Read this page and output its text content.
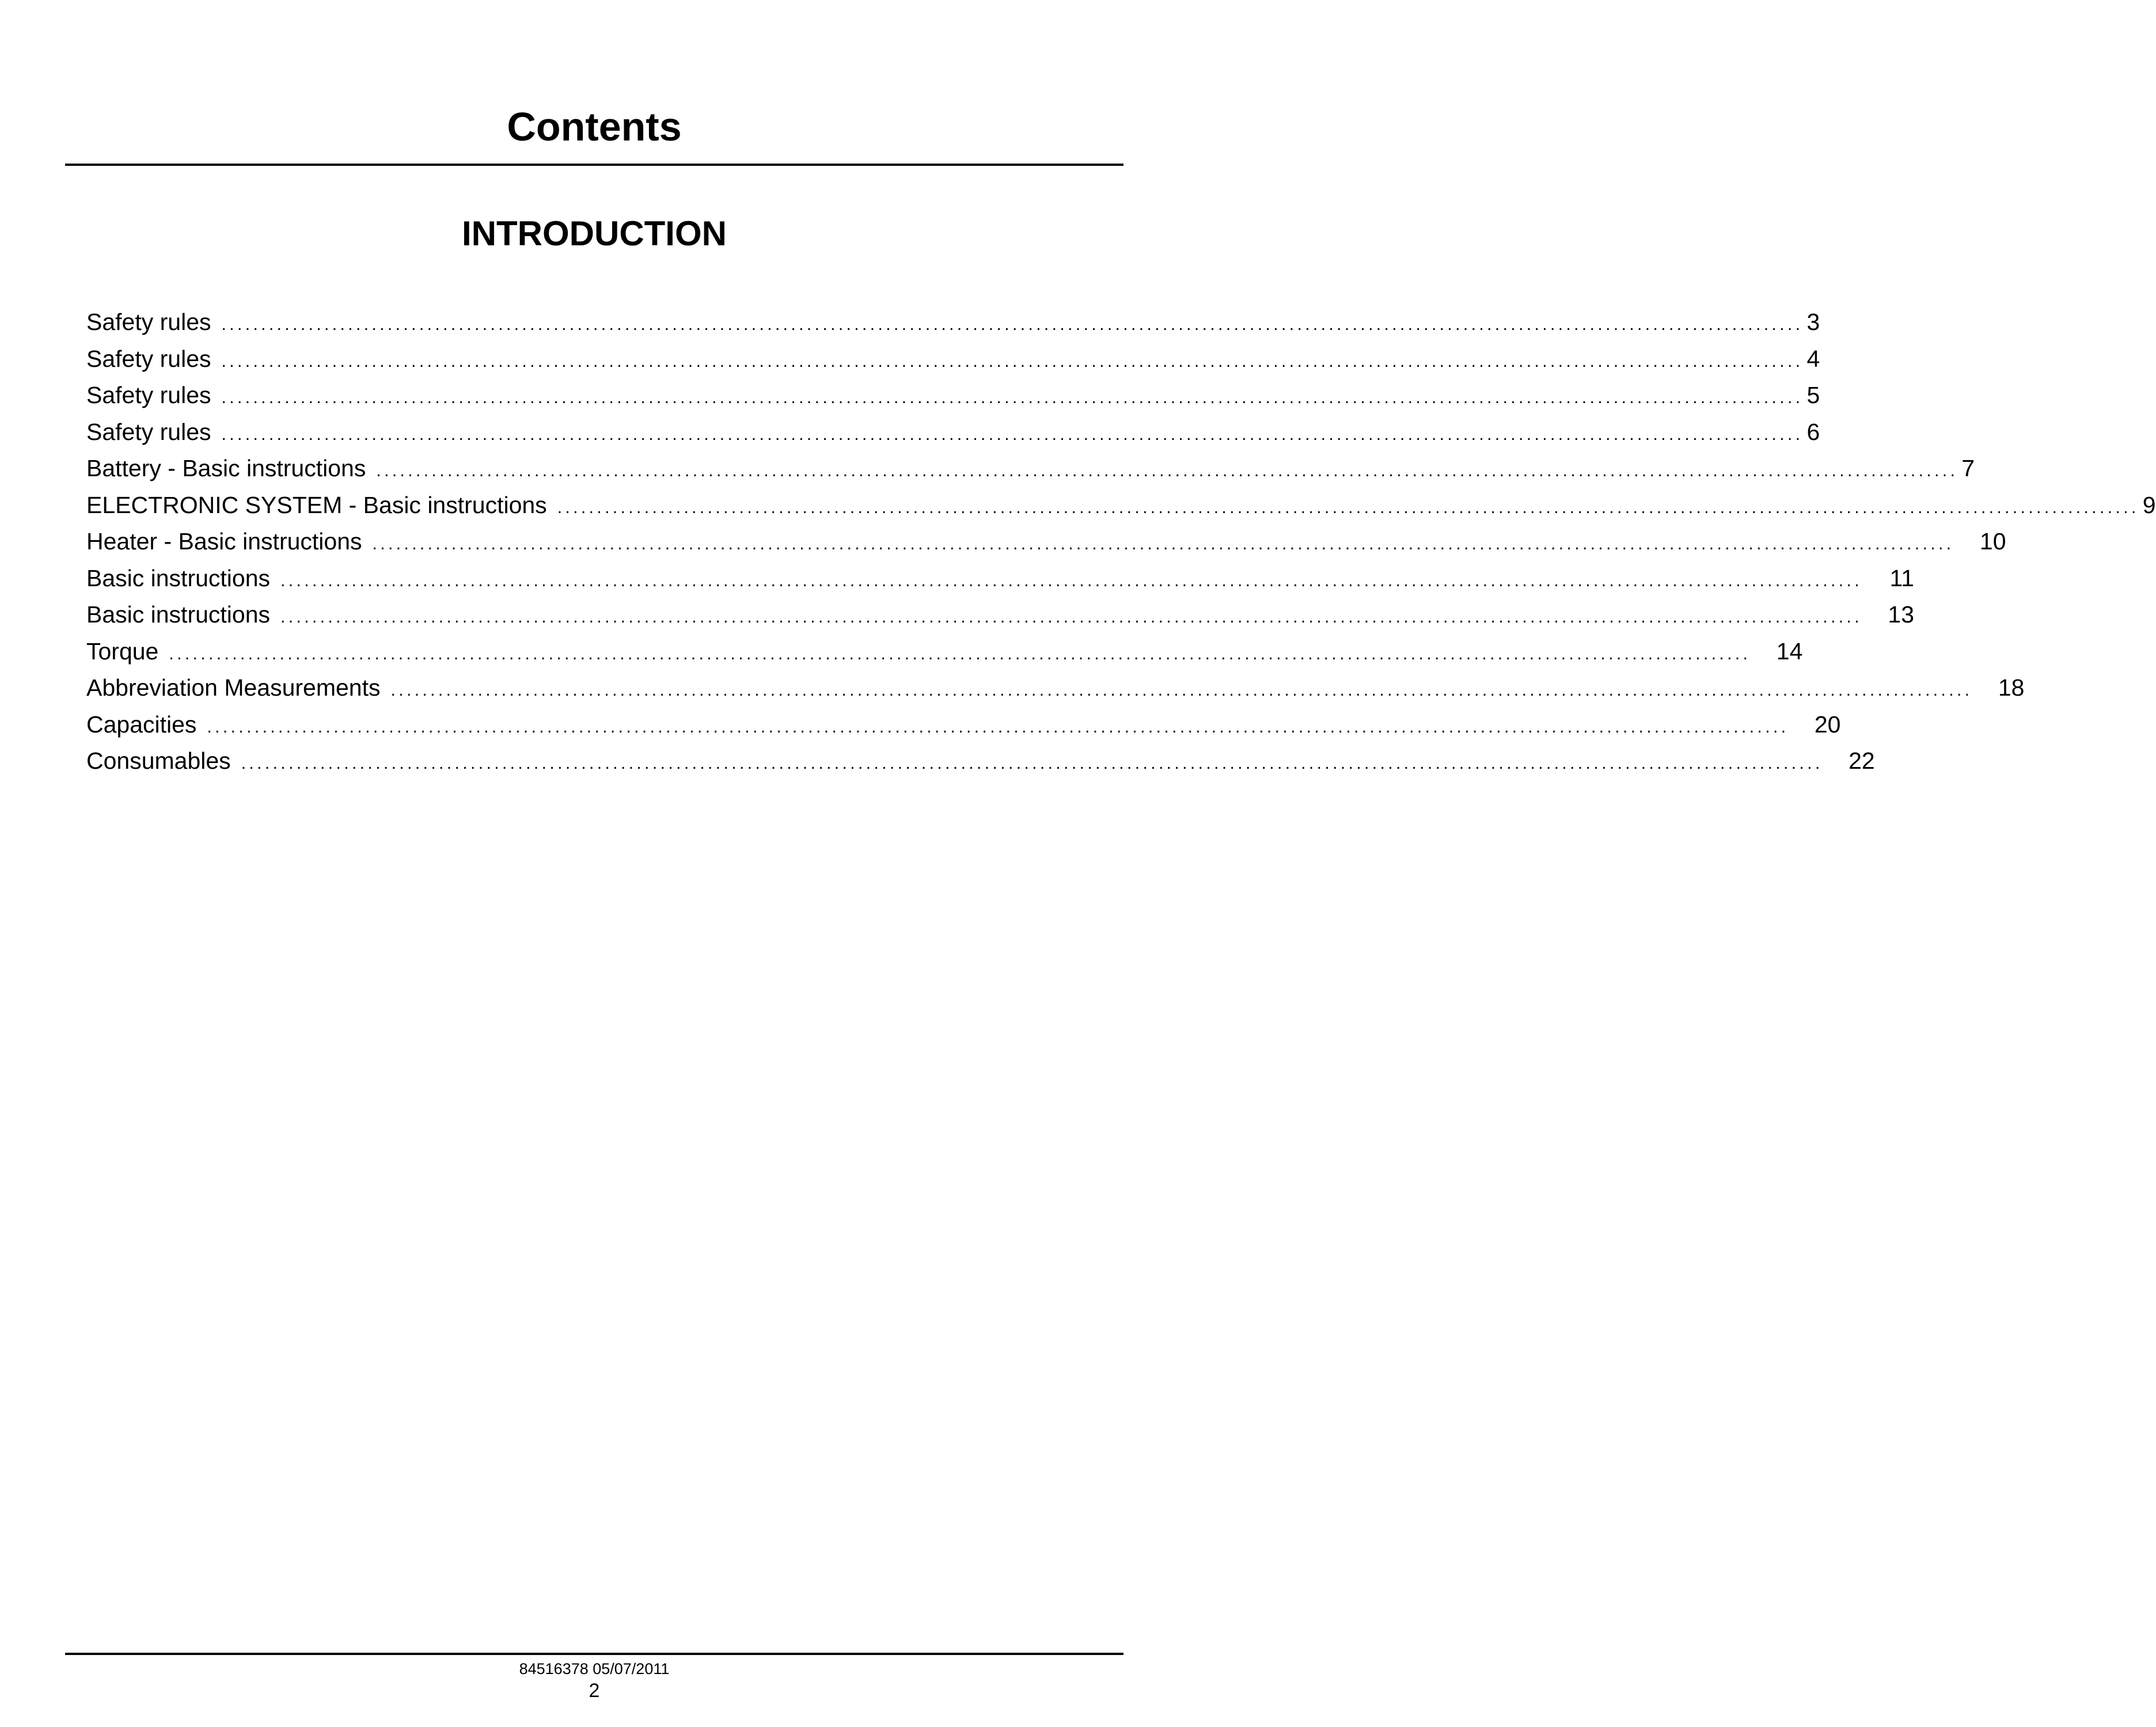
Contents
INTRODUCTION
Safety rules ........................................................................................................................................................................................................ 3
Safety rules ........................................................................................................................................................................................................ 4
Safety rules ........................................................................................................................................................................................................ 5
Safety rules ........................................................................................................................................................................................................ 6
Battery - Basic instructions ........................................................................................................................................................................................................ 7
ELECTRONIC SYSTEM - Basic instructions ........................................................................................................................................................................................................ 9
Heater - Basic instructions ........................................................................................................................................................................................................	10
Basic instructions ........................................................................................................................................................................................................	11
Basic instructions ........................................................................................................................................................................................................	13
Torque ........................................................................................................................................................................................................	14
Abbreviation Measurements ........................................................................................................................................................................................................	18
Capacities ........................................................................................................................................................................................................	20
Consumables ........................................................................................................................................................................................................	22
84516378 05/07/2011
2
